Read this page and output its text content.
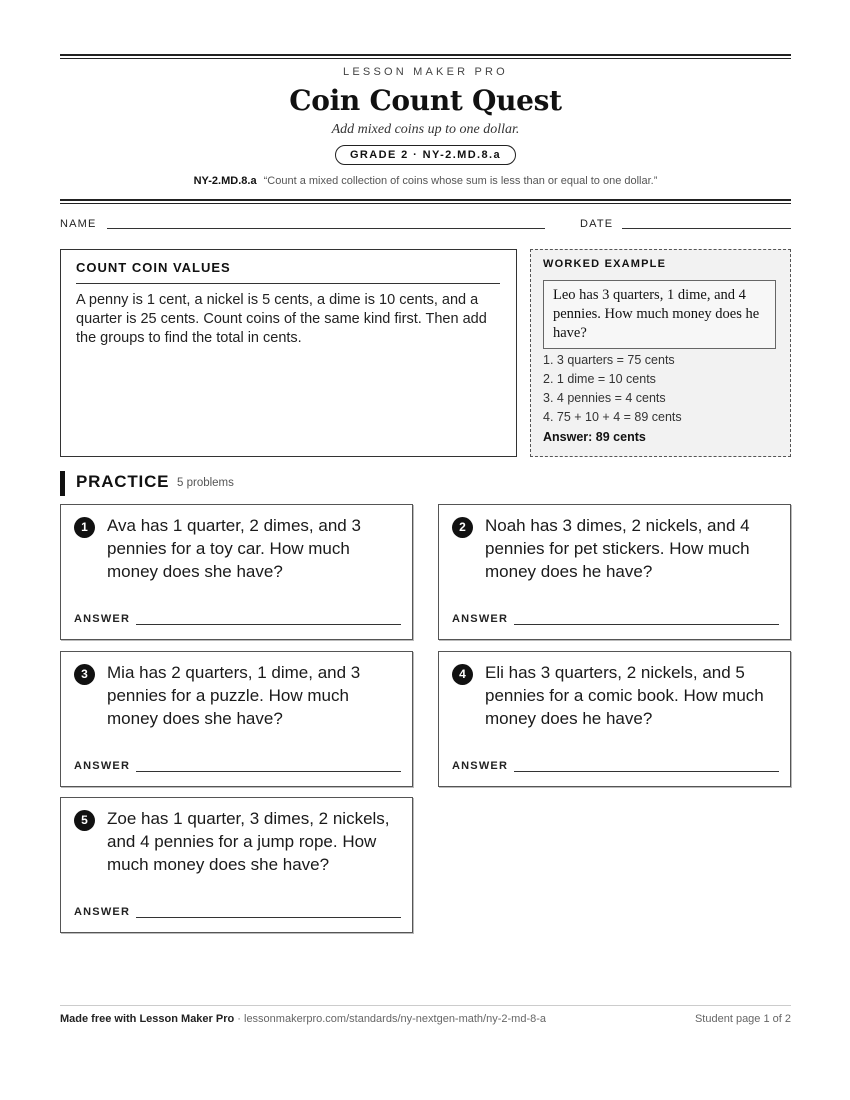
LESSON MAKER PRO
Coin Count Quest
Add mixed coins up to one dollar.
GRADE 2 · NY-2.MD.8.a
NY-2.MD.8.a “Count a mixed collection of coins whose sum is less than or equal to one dollar.”
NAME	DATE
COUNT COIN VALUES
A penny is 1 cent, a nickel is 5 cents, a dime is 10 cents, and a quarter is 25 cents. Count coins of the same kind first. Then add the groups to find the total in cents.
WORKED EXAMPLE
Leo has 3 quarters, 1 dime, and 4 pennies. How much money does he have?
1. 3 quarters = 75 cents
2. 1 dime = 10 cents
3. 4 pennies = 4 cents
4. 75 + 10 + 4 = 89 cents
Answer: 89 cents
PRACTICE 5 problems
1	Ava has 1 quarter, 2 dimes, and 3 pennies for a toy car. How much money does she have?
ANSWER
2	Noah has 3 dimes, 2 nickels, and 4 pennies for pet stickers. How much money does he have?
ANSWER
3	Mia has 2 quarters, 1 dime, and 3 pennies for a puzzle. How much money does she have?
ANSWER
4	Eli has 3 quarters, 2 nickels, and 5 pennies for a comic book. How much money does he have?
ANSWER
5	Zoe has 1 quarter, 3 dimes, 2 nickels, and 4 pennies for a jump rope. How much money does she have?
ANSWER
Made free with Lesson Maker Pro · lessonmakerpro.com/standards/ny-nextgen-math/ny-2-md-8-a	Student page 1 of 2
